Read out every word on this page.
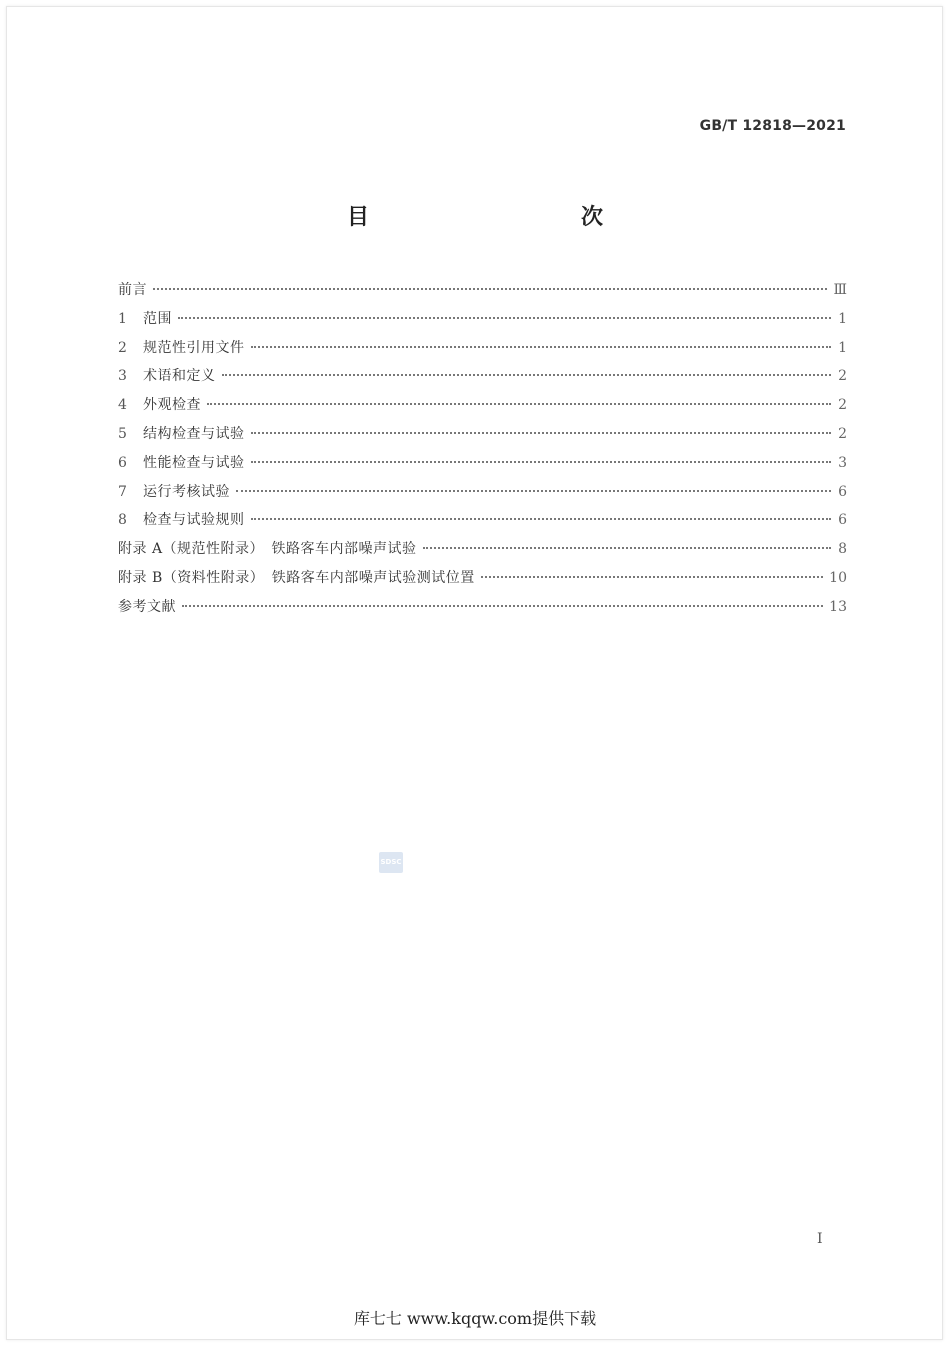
GB/T 12818—2021
目　　次
前言	Ⅲ
1	范围	1
2	规范性引用文件	1
3	术语和定义	2
4	外观检查	2
5	结构检查与试验	2
6	性能检查与试验	3
7	运行考核试验	6
8	检查与试验规则	6
附录 A（规范性附录）　铁路客车内部噪声试验	8
附录 B（资料性附录）　铁路客车内部噪声试验测试位置	10
参考文献	13
SDSC
Ⅰ
库七七 www.kqqw.com提供下载
